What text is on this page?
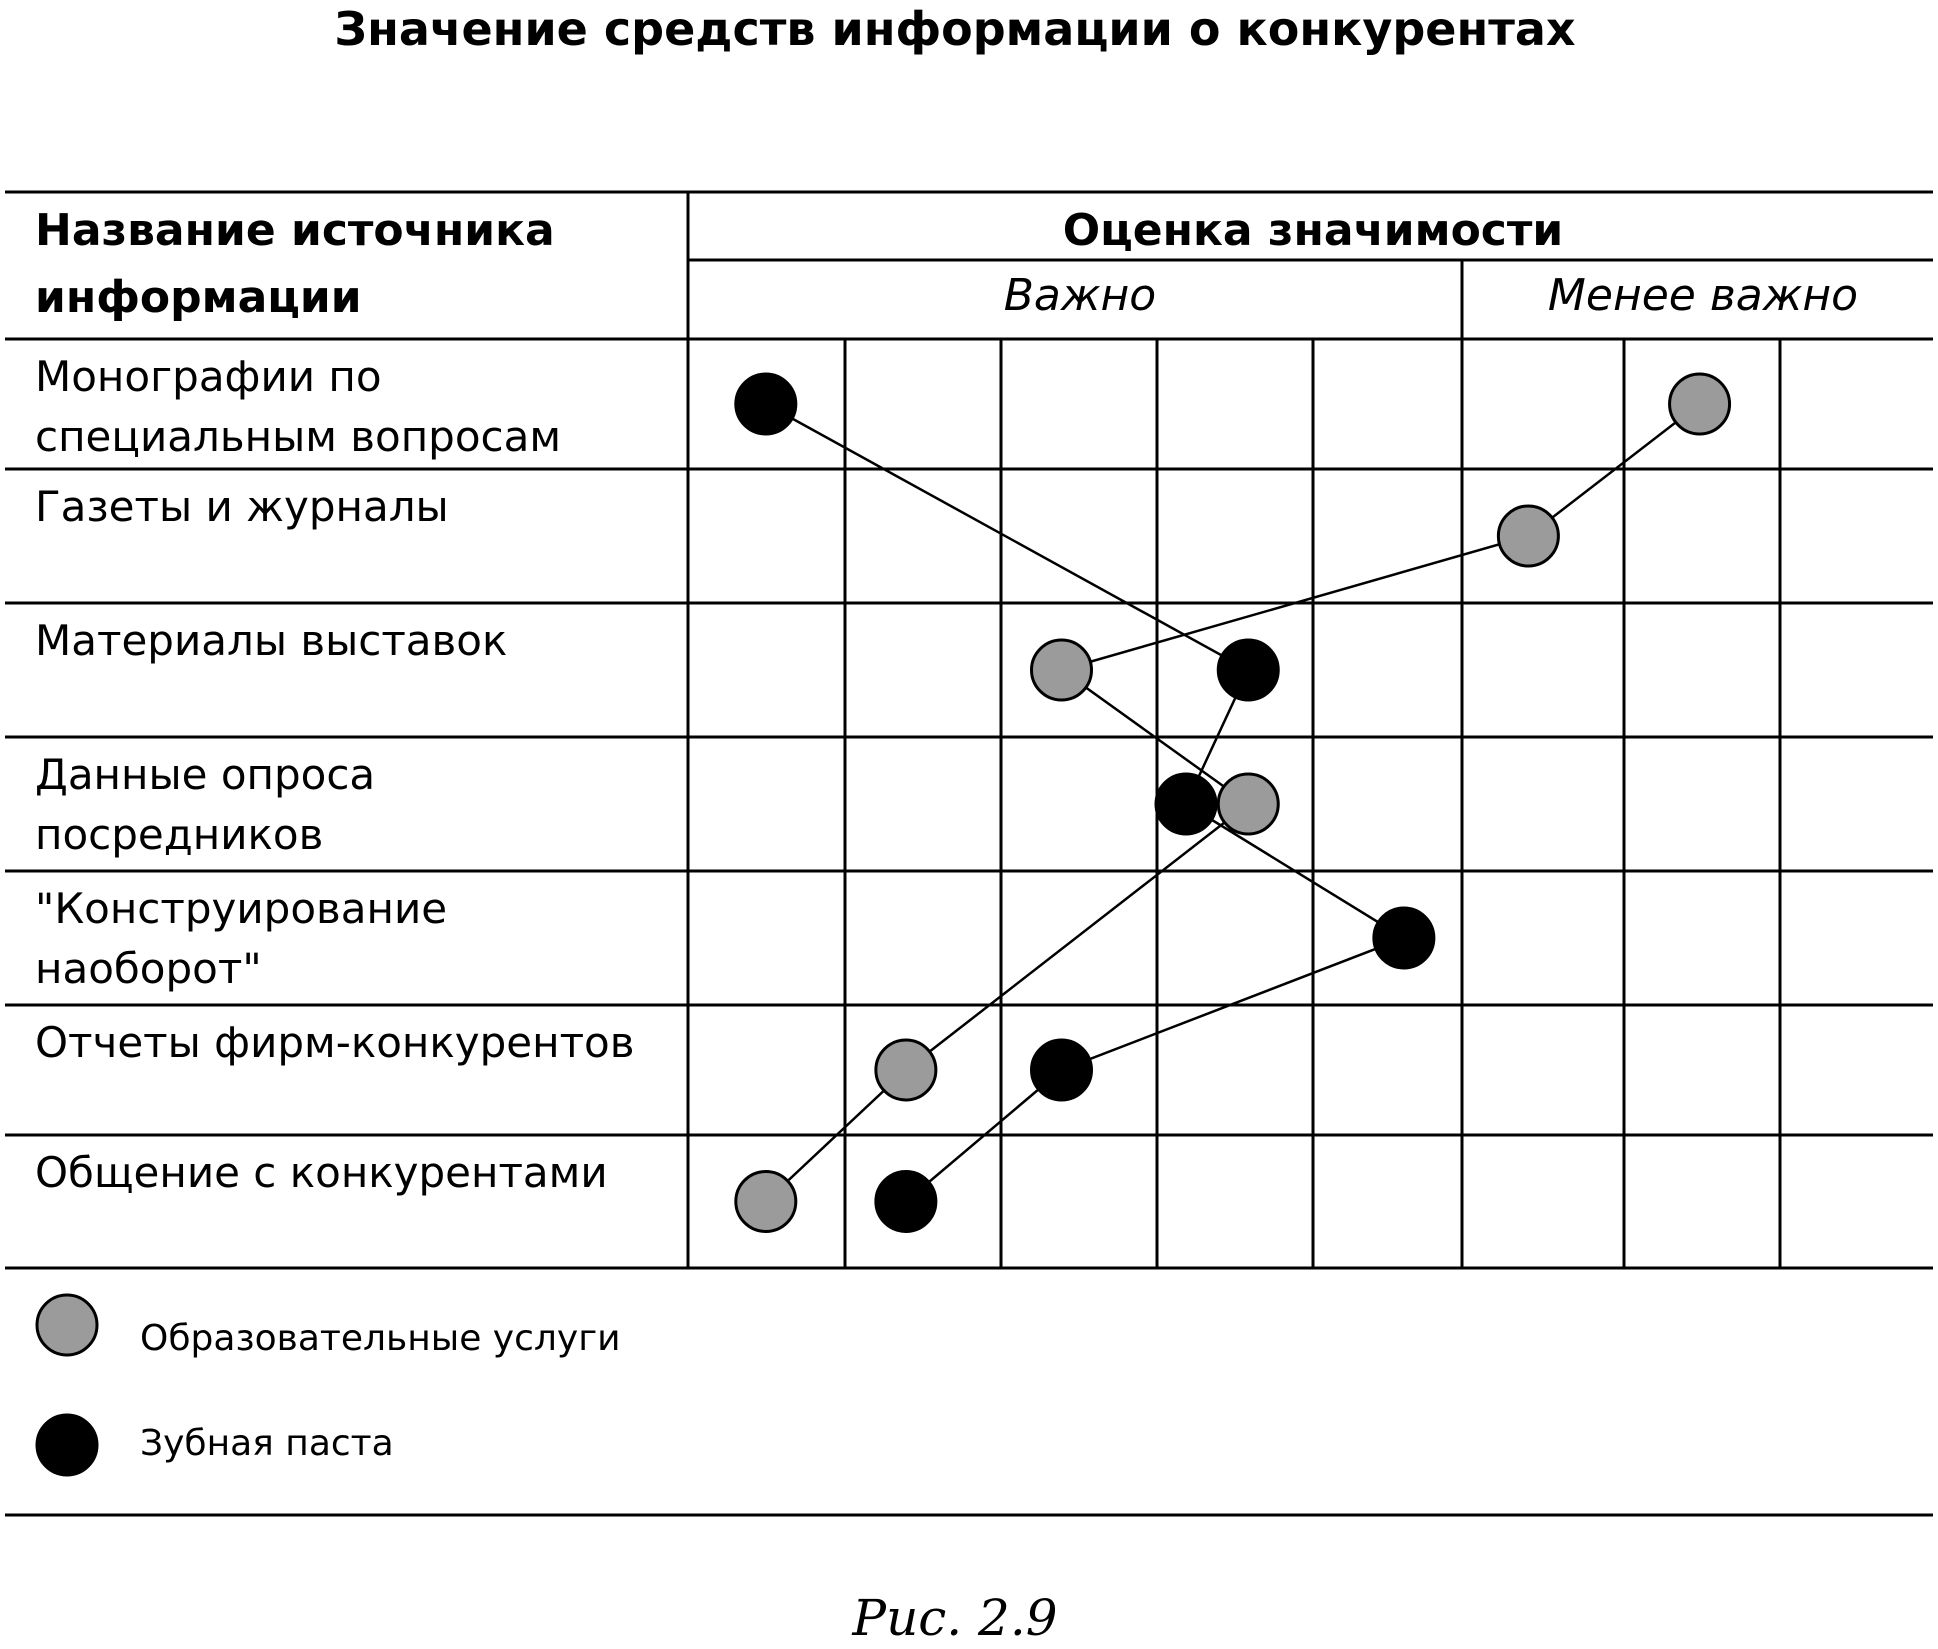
Значение средств информации о конкурентах
Название источника
информации
Оценка значимости
Важно	Менее важно
Монографии по специальным вопросам
Газеты и журналы
Материалы выставок
Данные опроса посредников
"Конструирование наоборот"
Отчеты фирм-конкурентов
Общение с конкурентами
Образовательные услуги
Зубная паста
Рис. 2.9
